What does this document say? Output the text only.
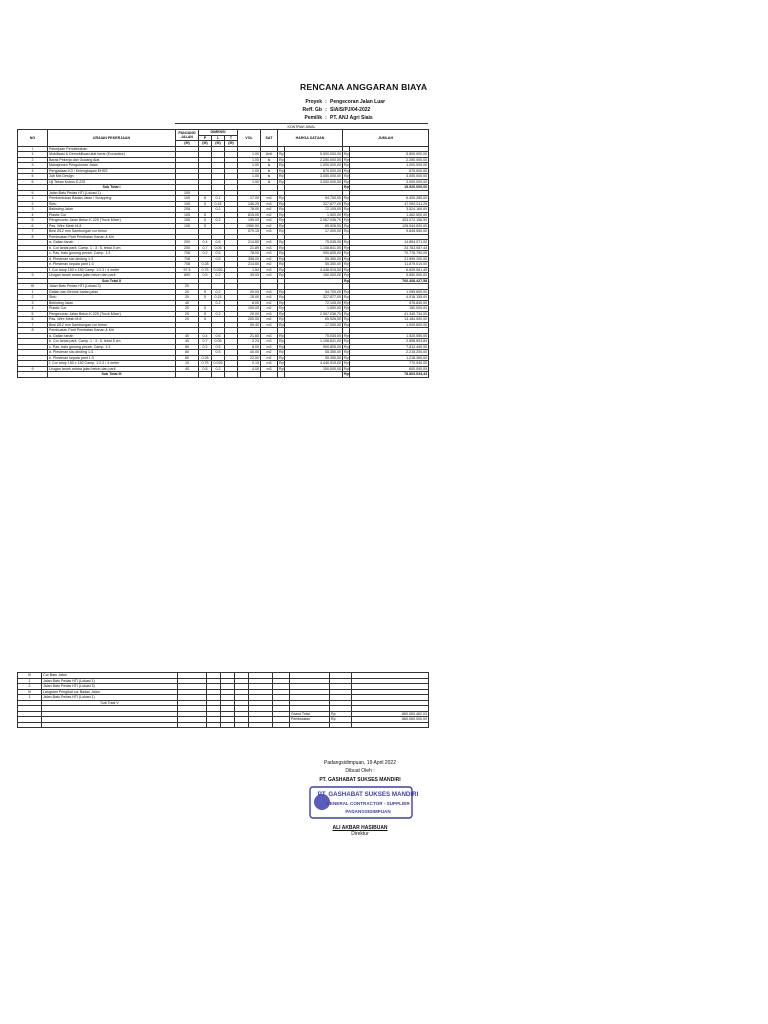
RENCANA ANGGARAN BIAYA
Proyek : Pengecoran Jalan Luar
Reff. Gb : SIAIS/PJ/04-2022
Pemilik : PT. ANJ Agri Siais
KONTRAK AWAL

NO	URAIAN PEKERJAAN	PANJANG JALAN	DIMENSI			VOL	SAT	HARGA SATUAN		JUMLAH	
			P	L	T						
		(M)	(M)	(M)	(M)						
I	Pekerjaan Pendahuluan										
1	Mobilisasi & Demobilisasi alat berat (Excavator)					1.00	Unit	Rp	5.500.000,00	Rp	5.500.000,00
2	Barak Pekerja dan Gudang Alat					1.00	ls	Rp	2.250.000,00	Rp	2.250.000,00
3	Manajemen Pengukuran Jalan					1.00	ls	Rp	1.000.000,00	Rp	1.000.000,00
4	Pengadaan K3 / Kelengkapan EHSS					1.00	ls	Rp	670.000,00	Rp	670.000,00
5	Job Mix Design					1.00	ls	Rp	3.000.000,00	Rp	3.000.000,00
6	Uji Tekan Kubus K.225					1.00	ls	Rp	3.000.000,00	Rp	3.000.000,00
	Sub Total I									Rp	15.920.000,00
II	Jalan Batu Pedas HTI (Lokasi 1)	105									
1	Pembentukan Badan Jalan / Scrapping	105	6	0.1		17.00	m3	Rp	54.700,00	Rp	6.409.280,00
2	Sirtu	105	5	0.15		146.25	m3	Rp	327.877,00	Rp	47.952,011,25
3	Bekisting Jalan	208		0.2		78.00	m2	Rp	72.105,00	Rp	3.524.160,00
4	Plastic Cor	105	5			815.00	m2	Rp	1.500,00	Rp	1.462.500,00
5	Pengecoran Jalan Beton K.225 (Truck Mixer)	105	5	0.2		195.00	m3	Rp	2.067.036,70	Rp	403.072.156,50
6	Pas. Wire Mesh M.8	105	5			1950.00	m2	Rp	65.926,00	Rp	128.544.000,00
7	Besi Ø12 mm Sambungan cor beton					579.15	m3	Rp	17.000,00	Rp	9.845.550,00
8	Pembuatan Parit Pembatas Kanan & Kiri										
	a. Galian tanah	200	0.4	0.6		214.60	m3	Rp	75.535,00	Rp	14.854.071,00
	b. Cor lantai parit, Camp. 1 : 3 : 5, tebal 5 cm	200	0.7	0.05		21.89	m3	Rp	1.108.841,00	Rp	24.763.087,44
	c. Pas. batu gunung pecah, Camp. 1:3	708	0.2	0.5		78.00	m3	Rp	900.805,00	Rp	70.776.790,00
	d. Plesteran sisi dinding 1:3	708		0.5		398.00	m2	Rp	55.350,00	Rp	21.599.200,00
	e. Plesteran kepala parit 1:3	708	0.28			214.60	m2	Rp	55.350,00	Rp	11.879.010,00
	f. Cor tutup 150 x 150 Camp. 1:2:3 / 4 meter	57.5	0.75	0.025		1.54	m3	Rp	4.446.915,00	Rp	6.839.061,45
9	Urugan tanah antara jalan beton dan parit	890	0.5	0.2		39.00	m3	Rp	150.000,00	Rp	5.850.000,00
	Sub Total II									Rp	760.408.427,58
III	Jalan Batu Pedas HTI (Lokasi 3)	20									
1	Galian dan Bentuk badan jalan	20	5	0.2		20.00	m3	Rp	54.700,00	Rp	1.095.600,00
2	Sirtu	20	5	0.15		15.00	m3	Rp	327.877,00	Rp	4.918.155,00
3	Bekisting Jalan	40		0.2		8.00	m2	Rp	72.105,00	Rp	576.840,00
4	Plastic Cor	20	5			100.00	m2	Rp	1.500,00	Rp	150.000,00
5	Pengecoran Jalan Beton K.225 (Truck Mixer)	20	5	0.2		20.00	m3	Rp	2.067.036,70	Rp	41.340.734,00
6	Pas. Wire Mesh M.8	20	5			200.00	m2	Rp	65.926,00	Rp	13.184.000,00
7	Besi Ø12 mm Sambungan cor beton					59.40	m3	Rp	17.000,00	Rp	1.009.800,00
8	Pembuatan Parit Pembatas Kanan & Kiri										
	a. Galian tanah	40	0.4	0.6		21.60	m3	Rp	75.535,00	Rp	1.520.550,00
	b. Cor lantai parit, Camp. 1 : 3 : 5, tebal 5 cm	40	0.7	0.05		2.24	m3	Rp	1.108.841,00	Rp	2.558.503,84
	c. Pas. batu gunung pecah, Camp. 1:3	80	0.2	0.5		8.00	m3	Rp	900.805,00	Rp	7.612.440,00
	d. Plesteran sisi dinding 1:3	80		0.5		40.00	m2	Rp	55.350,00	Rp	2.215.200,00
	e. Plesteran kepala parit 1:3	80	0.28			22.00	m2	Rp	55.350,00	Rp	1.218.360,00
	f. Cor tutup 150 x 150 Camp. 1:2:3 / 4 meter	10	0.75	0.025		0.19	m3	Rp	4.446.915,00	Rp	770.940,00
9	Urugan tanah antara jalan beton dan parit	40	0.5	0.2		4.00	m3	Rp	150.000,00	Rp	600.000,00
	Sub Total III									Rp	78.803.034,44
IV	Cor Batu Jalan									
1	Jalan Batu Pedas HTI (Lokasi 1)									
2	Jalan Batu Pedas HTI (Lokasi 3)									
IV	Langsam Pengikat cor Badan Jalan									
1	Jalan Batu Pedas HTI (Lokasi 1)									
	Sub Total V									

								Grand Total	Rp	860.063.462,03
								Pembulatan	Rp	860.060.000,00

Padangsidimpuan, 19 April 2022
Dibuat Oleh :
PT. GASHABAT SUKSES MANDIRI
PT. GASHABAT SUKSES MANDIRI
GENERAL CONTRACTOR - SUPPLIER
PADANGSIDIMPUAN
ALI AKBAR HASIBUAN
Direktur
